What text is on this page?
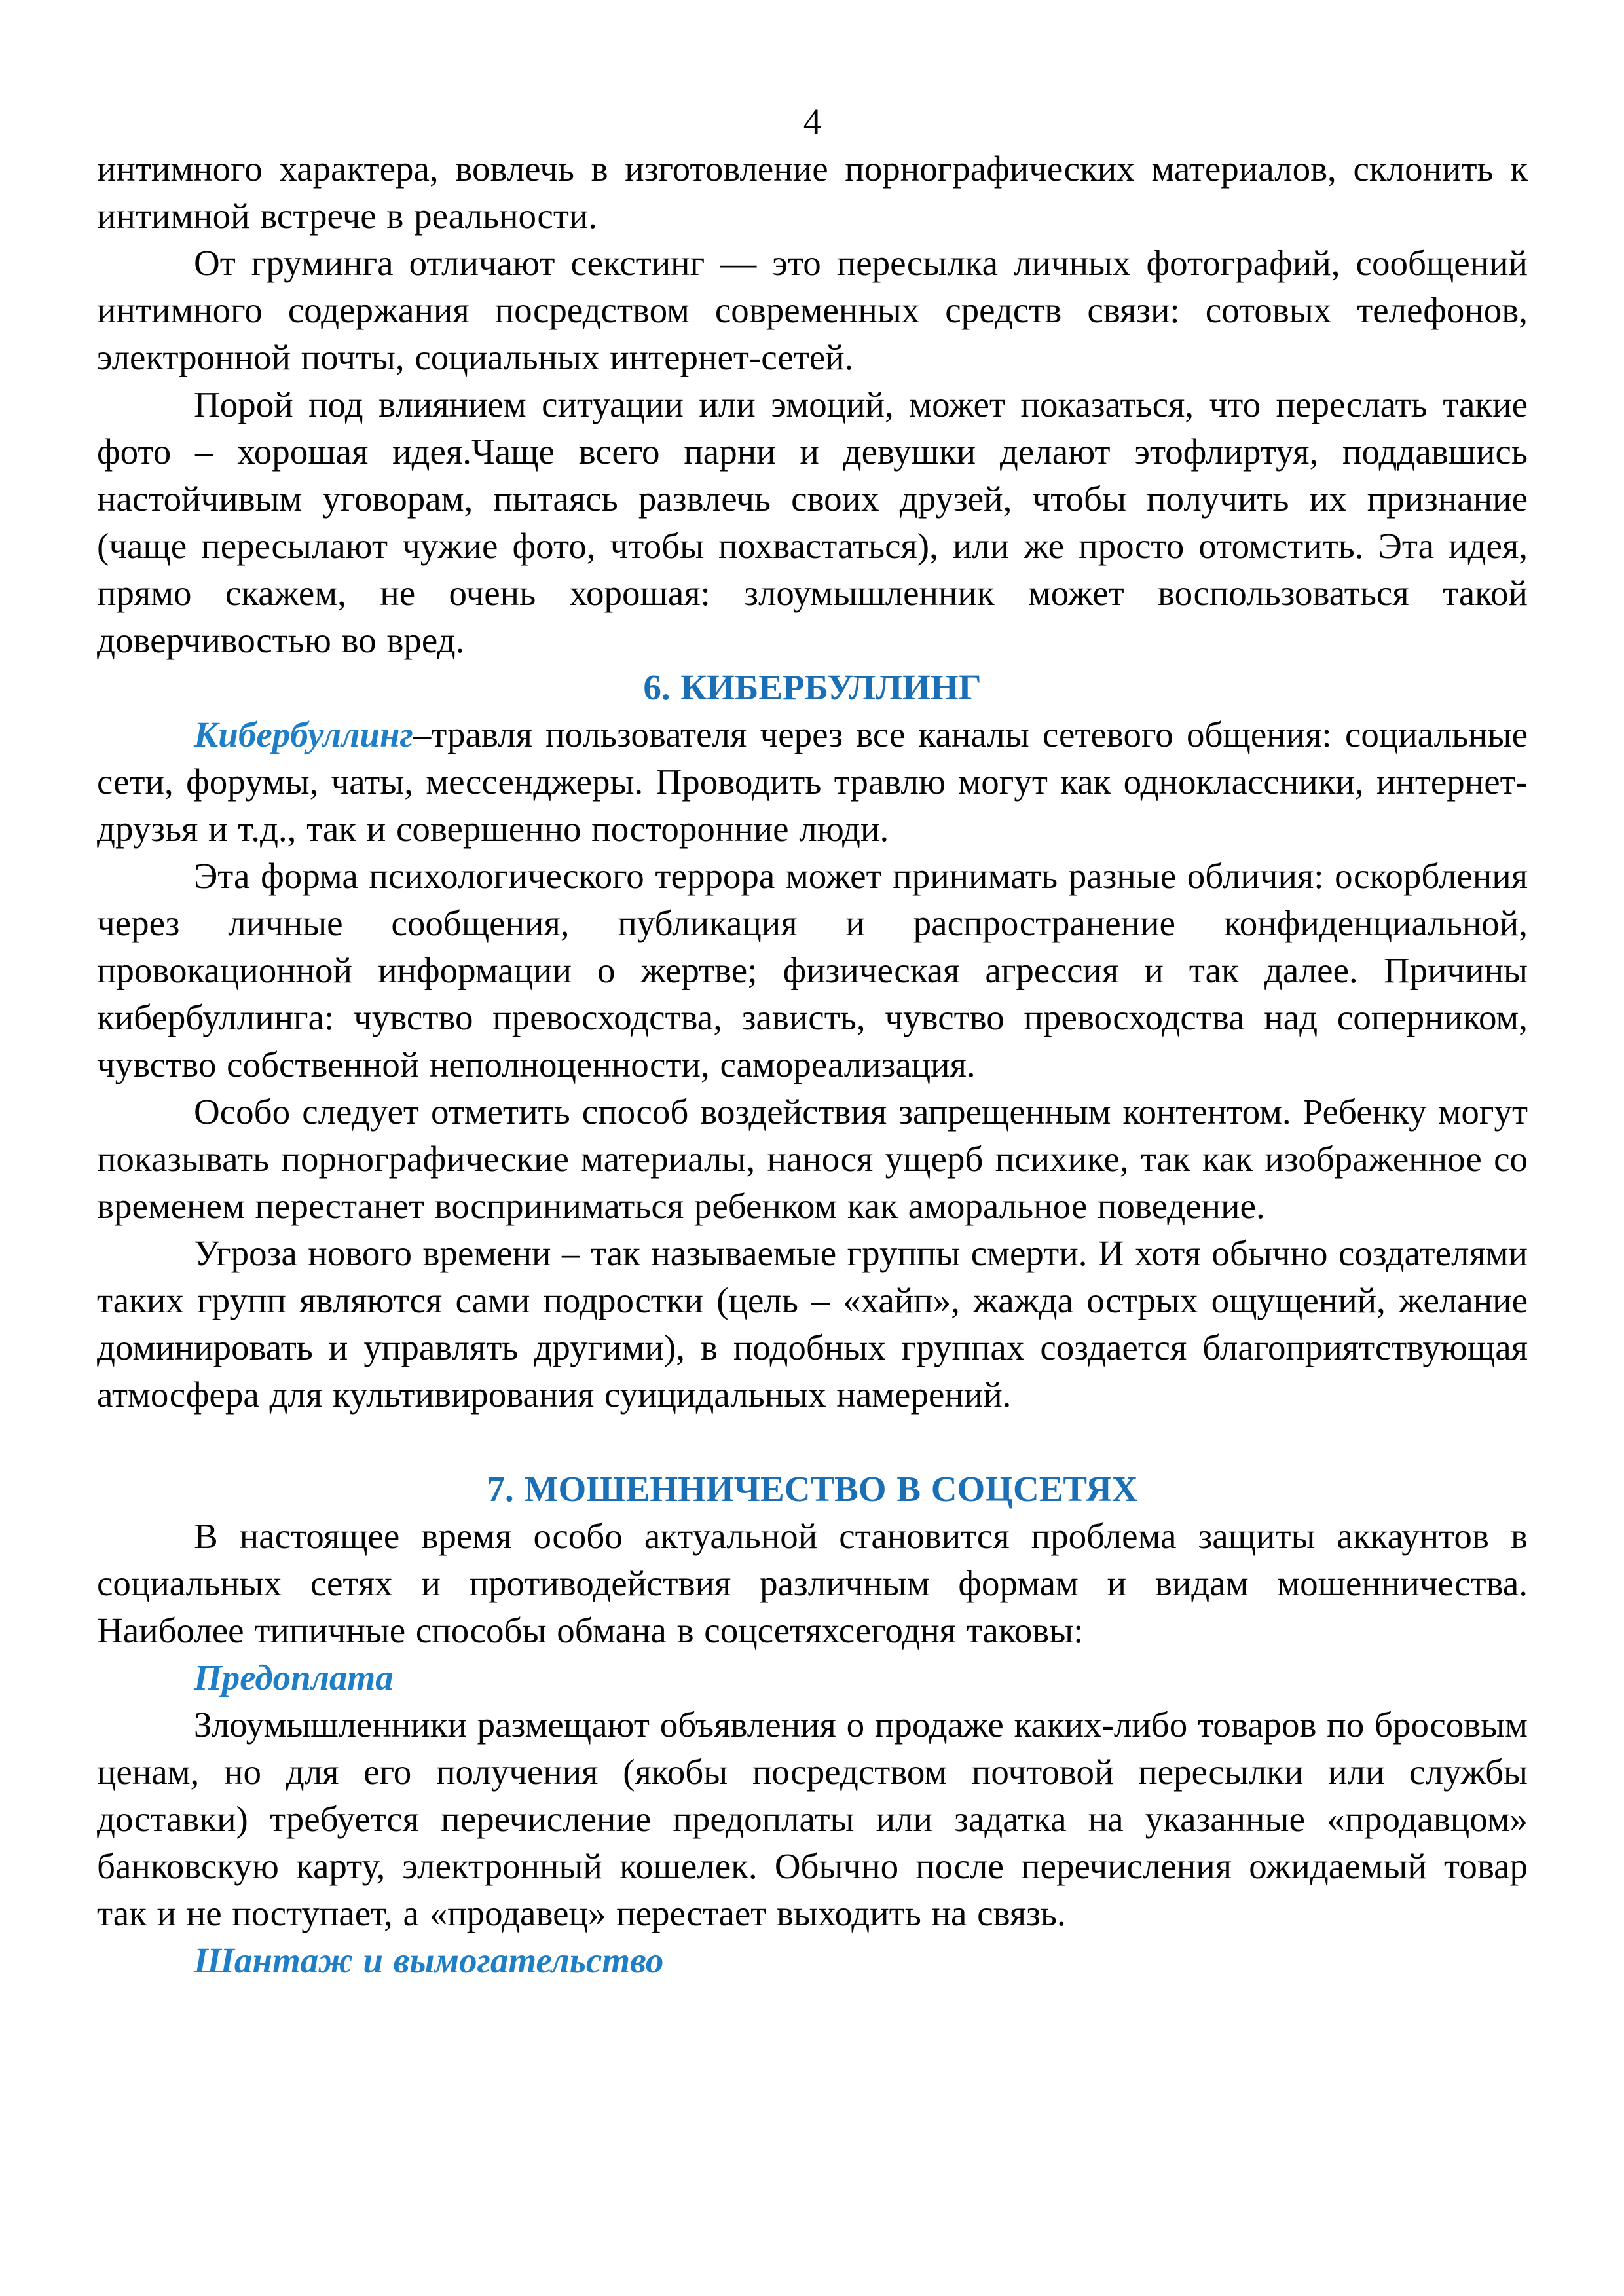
4

интимного характера, вовлечь в изготовление порнографических материалов, склонить к интимной встрече в реальности.

От груминга отличают секстинг — это пересылка личных фотографий, сообщений интимного содержания посредством современных средств связи: сотовых телефонов, электронной почты, социальных интернет-сетей.

Порой под влиянием ситуации или эмоций, может показаться, что переслать такие фото – хорошая идея.Чаще всего парни и девушки делают этофлиртуя, поддавшись настойчивым уговорам, пытаясь развлечь своих друзей, чтобы получить их признание (чаще пересылают чужие фото, чтобы похвастаться), или же просто отомстить. Эта идея, прямо скажем, не очень хорошая: злоумышленник может воспользоваться такой доверчивостью во вред.

6. КИБЕРБУЛЛИНГ

Кибербуллинг–травля пользователя через все каналы сетевого общения: социальные сети, форумы, чаты, мессенджеры. Проводить травлю могут как одноклассники, интернет-друзья и т.д., так и совершенно посторонние люди.

Эта форма психологического террора может принимать разные обличия: оскорбления через личные сообщения, публикация и распространение конфиденциальной, провокационной информации о жертве; физическая агрессия и так далее. Причины кибербуллинга: чувство превосходства, зависть, чувство превосходства над соперником, чувство собственной неполноценности, самореализация.

Особо следует отметить способ воздействия запрещенным контентом. Ребенку могут показывать порнографические материалы, нанося ущерб психике, так как изображенное со временем перестанет восприниматься ребенком как аморальное поведение.

Угроза нового времени – так называемые группы смерти. И хотя обычно создателями таких групп являются сами подростки (цель – «хайп», жажда острых ощущений, желание доминировать и управлять другими), в подобных группах создается благоприятствующая атмосфера для культивирования суицидальных намерений.

7. МОШЕННИЧЕСТВО В СОЦСЕТЯХ

В настоящее время особо актуальной становится проблема защиты аккаунтов в социальных сетях и противодействия различным формам и видам мошенничества. Наиболее типичные способы обмана в соцсетяхсегодня таковы:

Предоплата

Злоумышленники размещают объявления о продаже каких-либо товаров по бросовым ценам, но для его получения (якобы посредством почтовой пересылки или службы доставки) требуется перечисление предоплаты или задатка на указанные «продавцом» банковскую карту, электронный кошелек. Обычно после перечисления ожидаемый товар так и не поступает, а «продавец» перестает выходить на связь.

Шантаж и вымогательство
